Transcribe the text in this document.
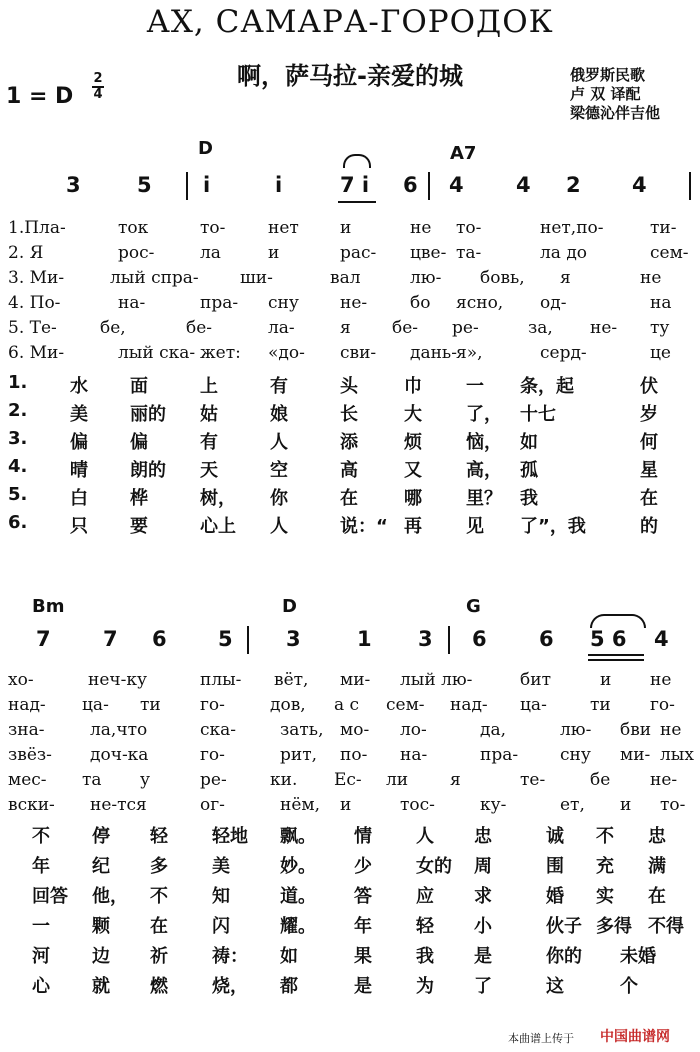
АХ, САМАРА-ГОРОДОК
啊，萨马拉-亲爱的城	俄罗斯民歌
卢 双 译配
梁德沁伴吉他
1 = D
2
4
D	A7
3	5 i	i	7 i 6 4 4 2 4
1.Пла-	ток	то-	нет и	не то-	нет,по-	ти-
2. Я	рос-	ла	и	рас- цве- та-	ла до	сем-
3. Ми-	лый спра- ши-	вал	лю- бовь, я	не
4. По-	на-	пра- сну не-	бо ясно, од-	на
5. Те-	бе,	бе-	ла-	я бе- ре-	за, не- ту
6. Ми-	лый ска- жет: «до- сви- дань- я»,	серд-	це
1. 水 面	上	有	头	巾 一 条，起	伏
2. 美 丽的 姑	娘	长	大 了， 十七	岁
3. 偏 偏	有	人	添	烦 恼， 如	何
4. 晴 朗的 天	空	高	又 高， 孤	星
5. 白 桦	树， 你	在	哪 里？ 我	在
6. 只 要	心上 人	说：“ 再 见 了”，我	的
Bm	D	G
7 7 6 5	3	1 3 6 6 5 6 4
хо-	неч-ку	плы- вёт, ми- лый лю-	бит	и не
над- ца- ти го-	дов, а с сем- над- ца-	ти го-
зна-	ла,что	ска-	зать, мо- ло-	да,	лю- бви не
звёз- доч-ка	го-	рит, по- на-	пра- сну ми- лых
мес- та у	ре-	ки. Ес- ли я	те-	бе не-
вски- не-тся	ог-	нём, и	тос-	ку-	ет, и то-
不 停 轻 轻地 飘。 情 人 忠	诚 不 忠
年 纪 多 美	妙。 少 女的 周	围 充 满
回答 他， 不 知	道。 答 应 求	婚 实 在
一 颗 在 闪	耀。 年 轻 小	伙子 多得 不得
河 边 祈 祷： 如	果 我 是	你的 未婚
心 就 燃 烧， 都	是 为 了	这	个
本曲谱上传于 中国曲谱网
